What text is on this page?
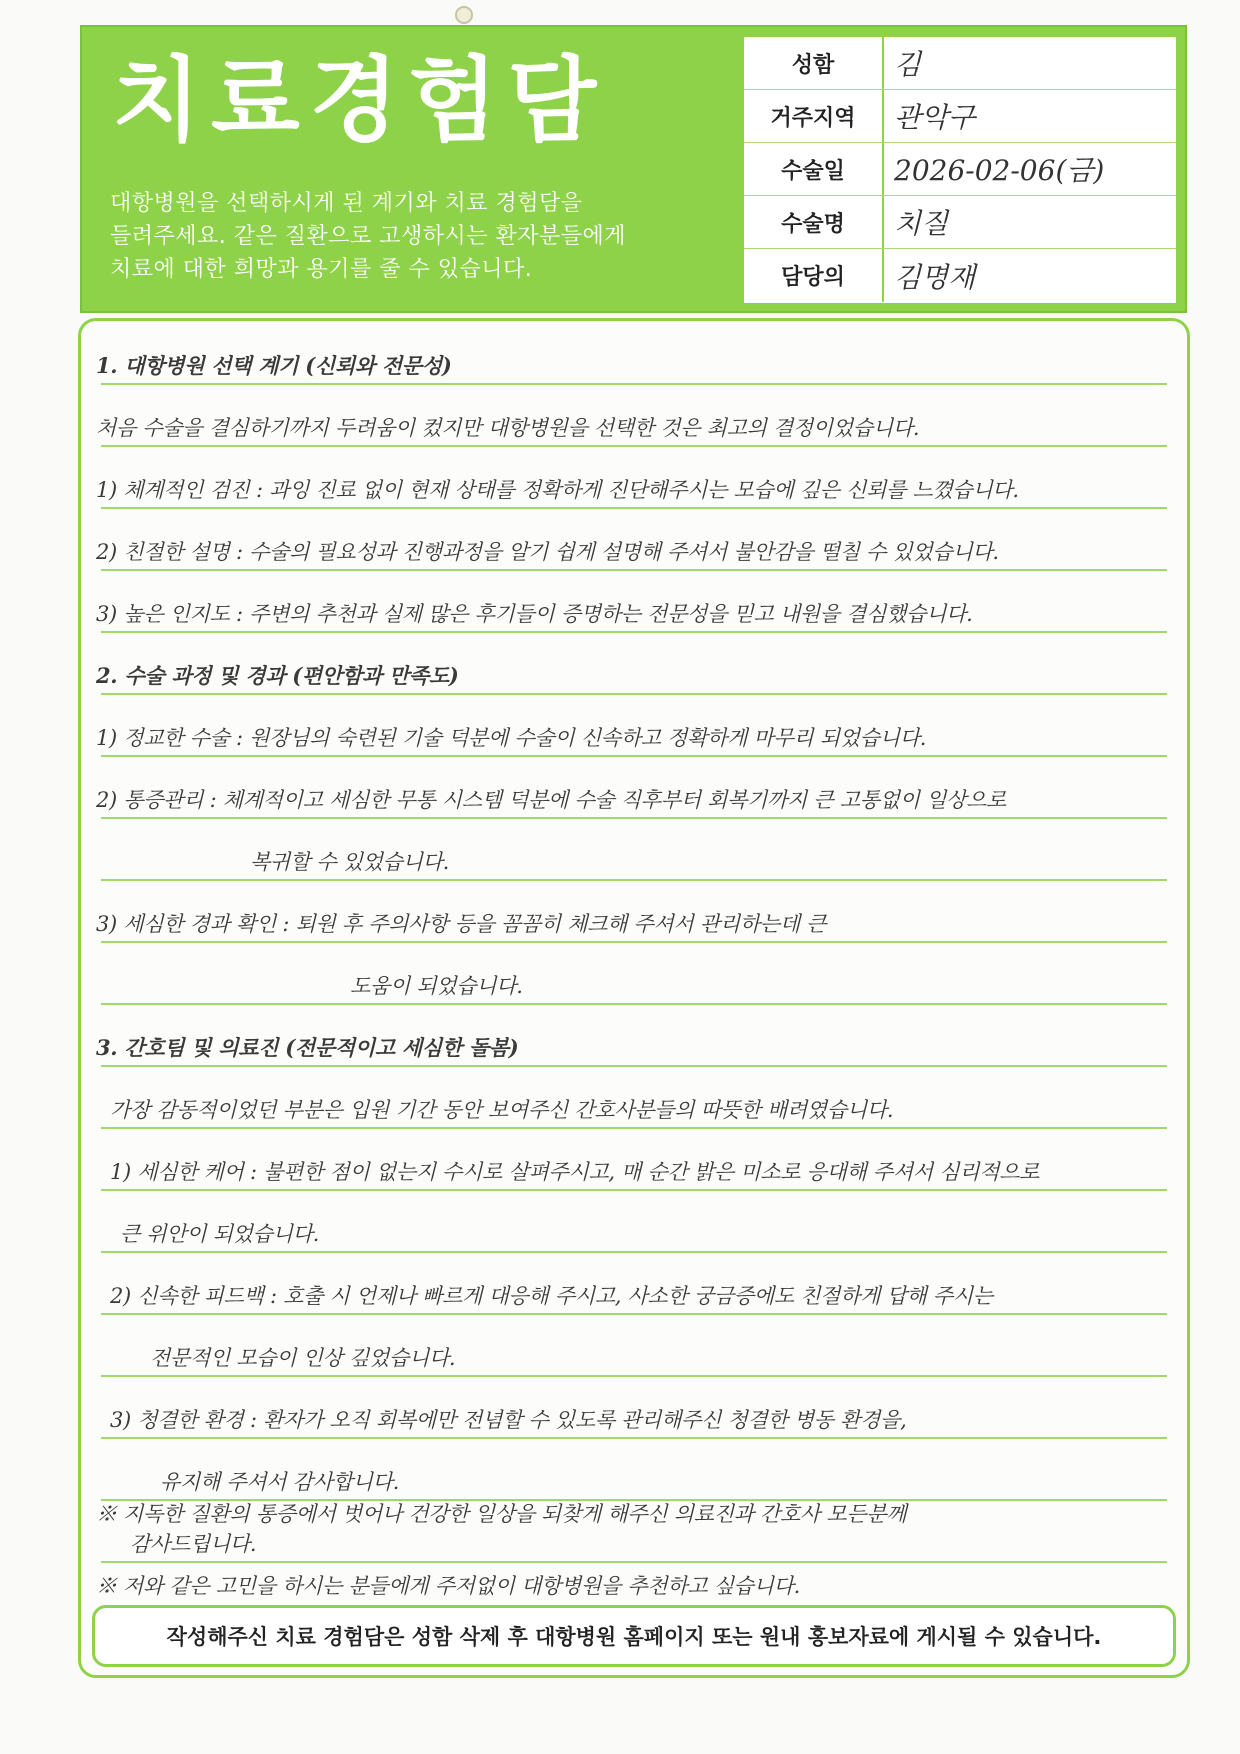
치료경험담
대항병원을 선택하시게 된 계기와 치료 경험담을
들려주세요. 같은 질환으로 고생하시는 환자분들에게
치료에 대한 희망과 용기를 줄 수 있습니다.
성함	김
거주지역	관악구
수술일	2026-02-06(금)
수술명	치질
담당의	김명재
1. 대항병원 선택 계기 (신뢰와 전문성)
처음 수술을 결심하기까지 두려움이 컸지만 대항병원을 선택한 것은 최고의 결정이었습니다.
1) 체계적인 검진 : 과잉 진료 없이 현재 상태를 정확하게 진단해주시는 모습에 깊은 신뢰를 느꼈습니다.
2) 친절한 설명 : 수술의 필요성과 진행과정을 알기 쉽게 설명해 주셔서 불안감을 떨칠 수 있었습니다.
3) 높은 인지도 : 주변의 추천과 실제 많은 후기들이 증명하는 전문성을 믿고 내원을 결심했습니다.
2. 수술 과정 및 경과 (편안함과 만족도)
1) 정교한 수술 : 원장님의 숙련된 기술 덕분에 수술이 신속하고 정확하게 마무리 되었습니다.
2) 통증관리 : 체계적이고 세심한 무통 시스템 덕분에 수술 직후부터 회복기까지 큰 고통없이 일상으로
복귀할 수 있었습니다.
3) 세심한 경과 확인 : 퇴원 후 주의사항 등을 꼼꼼히 체크해 주셔서 관리하는데 큰
도움이 되었습니다.
3. 간호팀 및 의료진 (전문적이고 세심한 돌봄)
가장 감동적이었던 부분은 입원 기간 동안 보여주신 간호사분들의 따뜻한 배려였습니다.
1) 세심한 케어 : 불편한 점이 없는지 수시로 살펴주시고, 매 순간 밝은 미소로 응대해 주셔서 심리적으로
큰 위안이 되었습니다.
2) 신속한 피드백 : 호출 시 언제나 빠르게 대응해 주시고, 사소한 궁금증에도 친절하게 답해 주시는
전문적인 모습이 인상 깊었습니다.
3) 청결한 환경 : 환자가 오직 회복에만 전념할 수 있도록 관리해주신 청결한 병동 환경을,
유지해 주셔서 감사합니다.
※ 지독한 질환의 통증에서 벗어나 건강한 일상을 되찾게 해주신 의료진과 간호사 모든분께
감사드립니다.
※ 저와 같은 고민을 하시는 분들에게 주저없이 대항병원을 추천하고 싶습니다.
작성해주신 치료 경험담은 성함 삭제 후 대항병원 홈페이지 또는 원내 홍보자료에 게시될 수 있습니다.
